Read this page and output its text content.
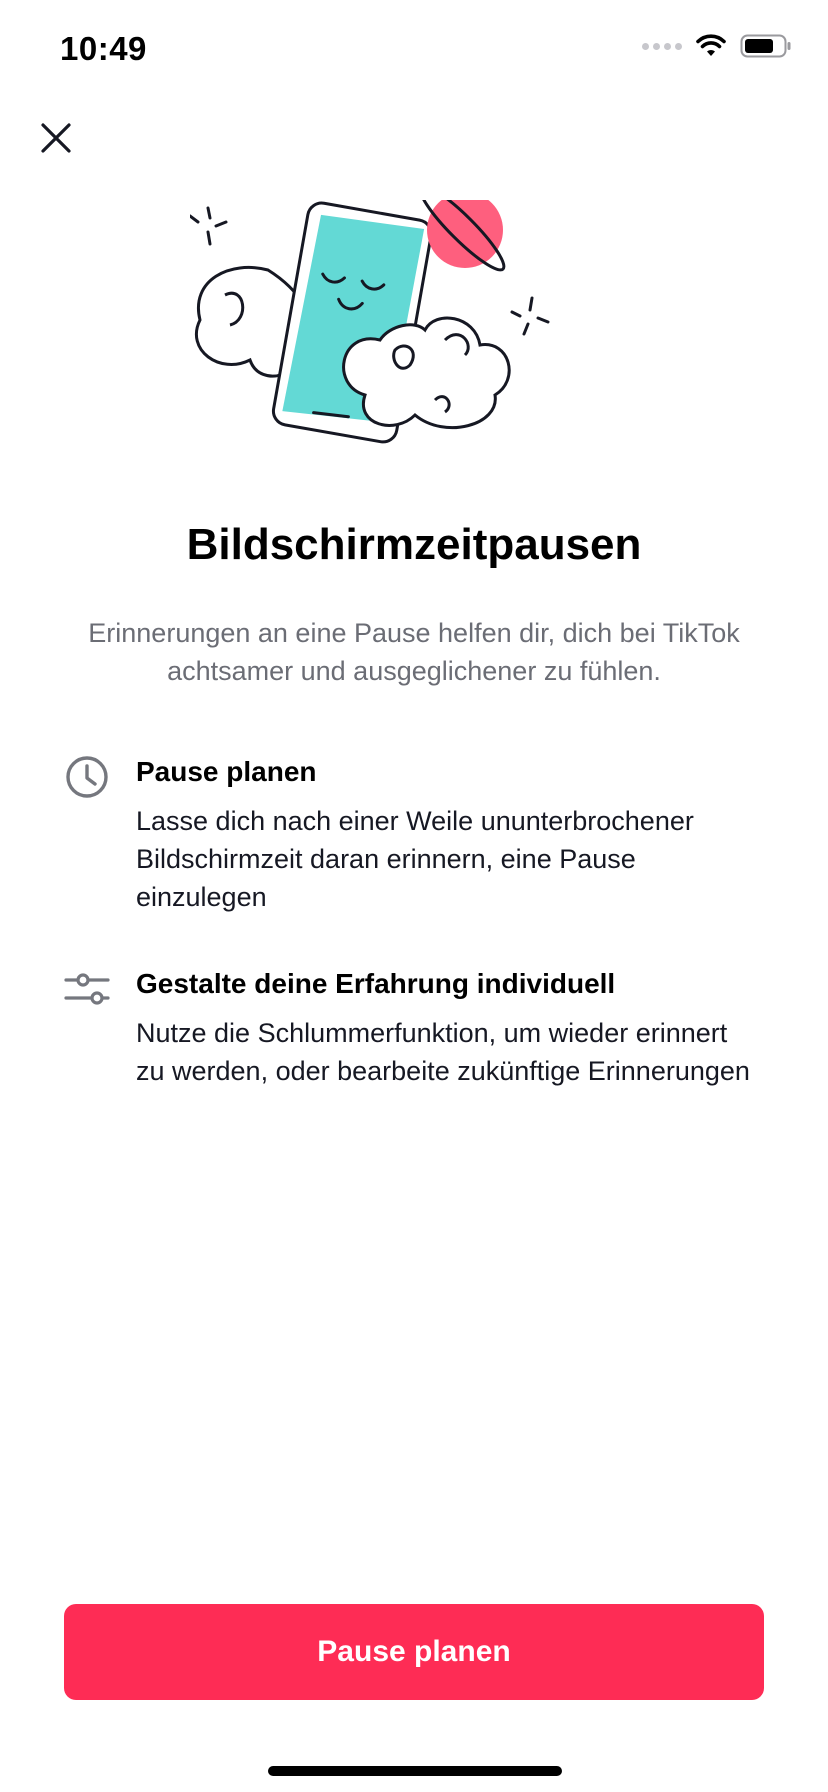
10:49
Bildschirmzeitpausen
Erinnerungen an eine Pause helfen dir, dich bei TikTok achtsamer und ausgeglichener zu fühlen.
Pause planen
Lasse dich nach einer Weile ununterbrochener Bildschirmzeit daran erinnern, eine Pause einzulegen
Gestalte deine Erfahrung individuell
Nutze die Schlummerfunktion, um wieder erinnert zu werden, oder bearbeite zukünftige Erinnerungen
Pause planen
